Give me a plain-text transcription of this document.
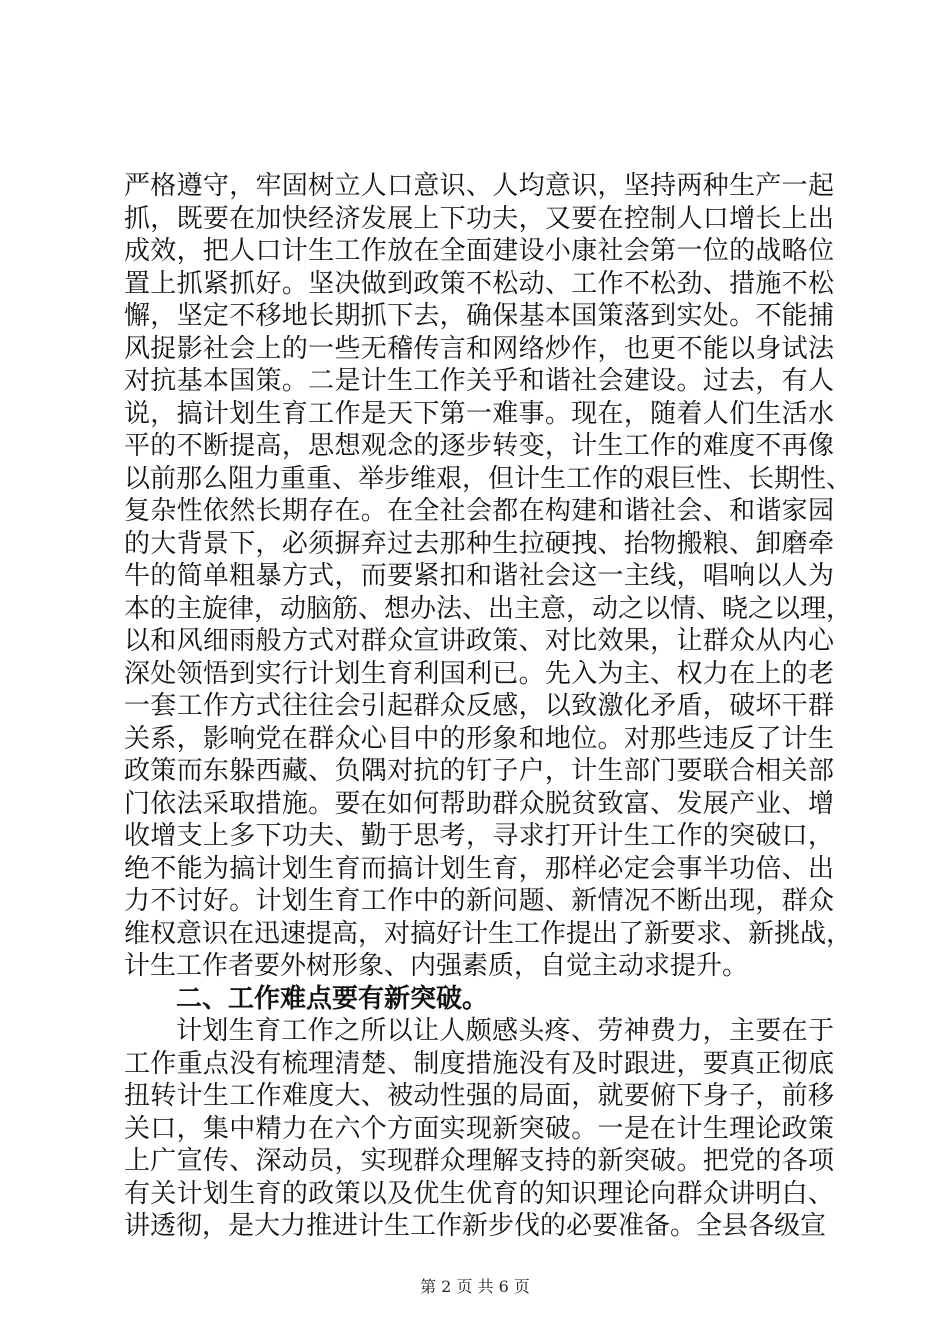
严格遵守，牢固树立人口意识、人均意识，坚持两种生产一起
抓，既要在加快经济发展上下功夫，又要在控制人口增长上出
成效，把人口计生工作放在全面建设小康社会第一位的战略位
置上抓紧抓好。坚决做到政策不松动、工作不松劲、措施不松
懈，坚定不移地长期抓下去，确保基本国策落到实处。不能捕
风捉影社会上的一些无稽传言和网络炒作，也更不能以身试法
对抗基本国策。二是计生工作关乎和谐社会建设。过去，有人
说，搞计划生育工作是天下第一难事。现在，随着人们生活水
平的不断提高，思想观念的逐步转变，计生工作的难度不再像
以前那么阻力重重、举步维艰，但计生工作的艰巨性、长期性、
复杂性依然长期存在。在全社会都在构建和谐社会、和谐家园
的大背景下，必须摒弃过去那种生拉硬拽、抬物搬粮、卸磨牵
牛的简单粗暴方式，而要紧扣和谐社会这一主线，唱响以人为
本的主旋律，动脑筋、想办法、出主意，动之以情、晓之以理，
以和风细雨般方式对群众宣讲政策、对比效果，让群众从内心
深处领悟到实行计划生育利国利已。先入为主、权力在上的老
一套工作方式往往会引起群众反感，以致激化矛盾，破坏干群
关系，影响党在群众心目中的形象和地位。对那些违反了计生
政策而东躲西藏、负隅对抗的钉子户，计生部门要联合相关部
门依法采取措施。要在如何帮助群众脱贫致富、发展产业、增
收增支上多下功夫、勤于思考，寻求打开计生工作的突破口，
绝不能为搞计划生育而搞计划生育，那样必定会事半功倍、出
力不讨好。计划生育工作中的新问题、新情况不断出现，群众
维权意识在迅速提高，对搞好计生工作提出了新要求、新挑战，
计生工作者要外树形象、内强素质，自觉主动求提升。
二、工作难点要有新突破。
计划生育工作之所以让人颇感头疼、劳神费力，主要在于
工作重点没有梳理清楚、制度措施没有及时跟进，要真正彻底
扭转计生工作难度大、被动性强的局面，就要俯下身子，前移
关口，集中精力在六个方面实现新突破。一是在计生理论政策
上广宣传、深动员，实现群众理解支持的新突破。把党的各项
有关计划生育的政策以及优生优育的知识理论向群众讲明白、
讲透彻，是大力推进计生工作新步伐的必要准备。全县各级宣
第 2 页 共 6 页
